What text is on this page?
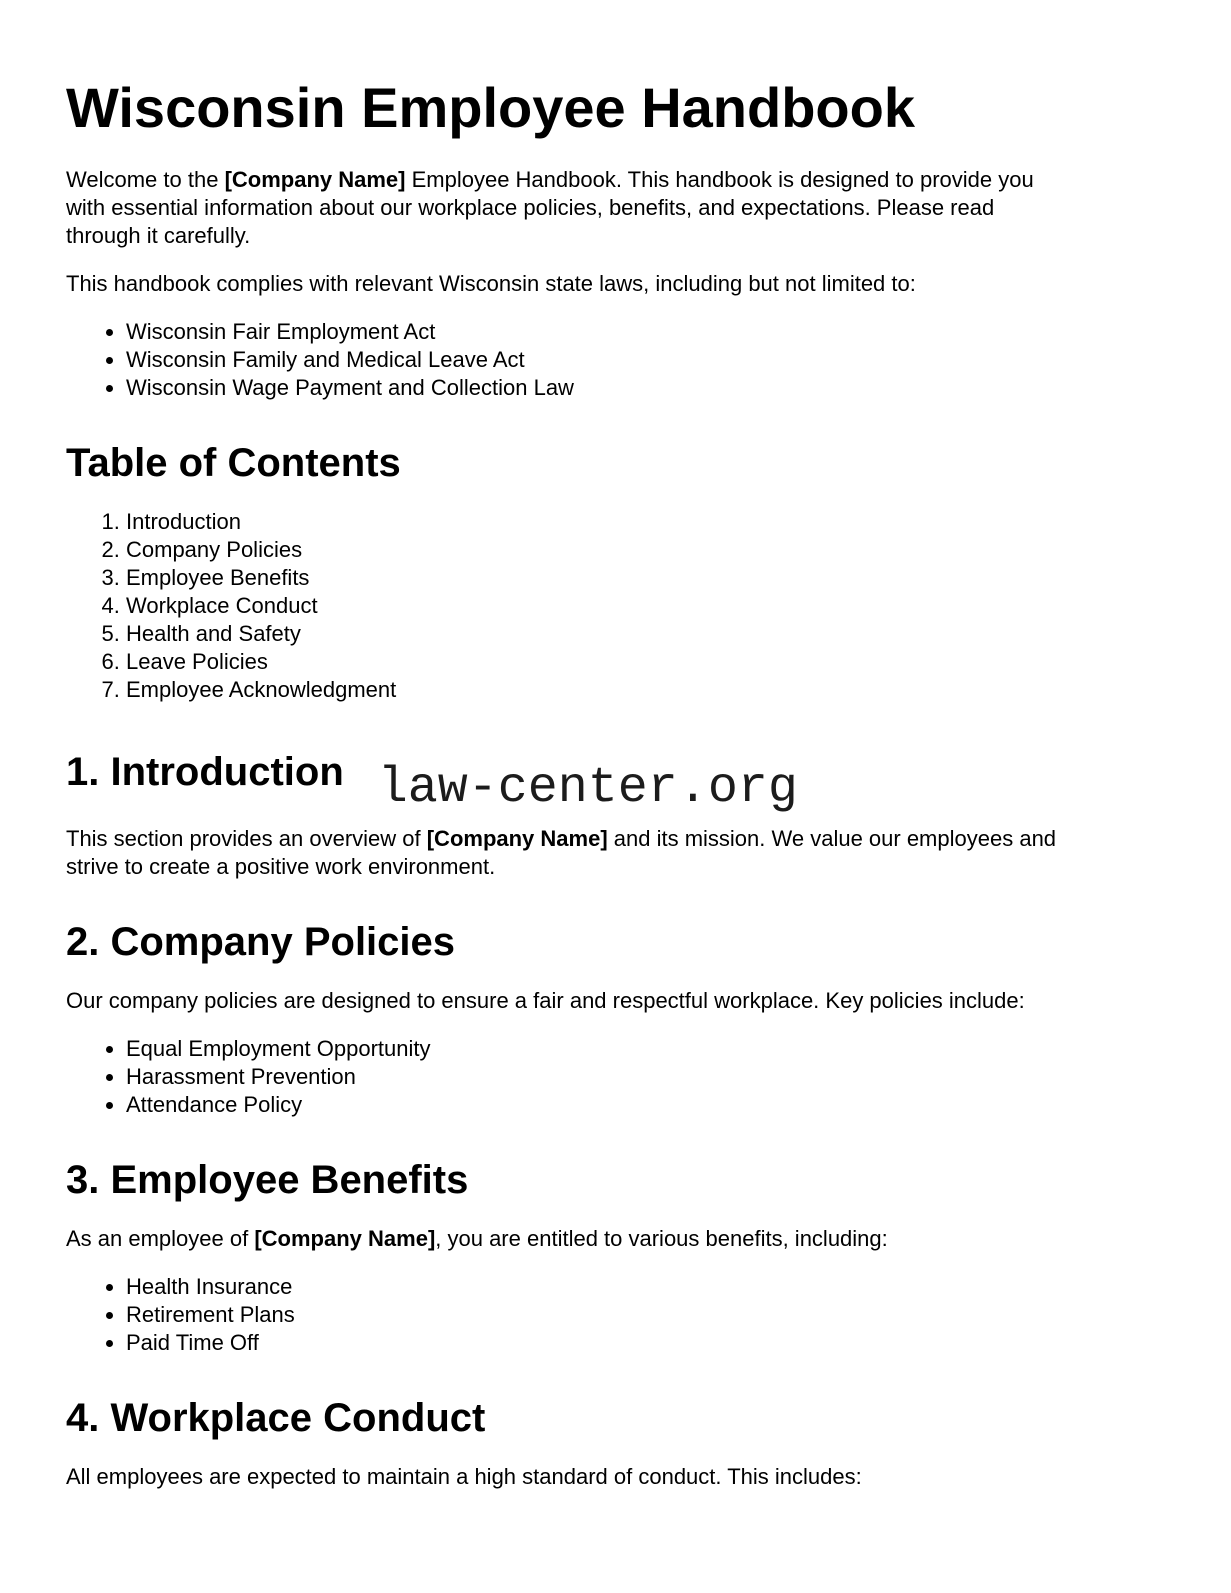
Wisconsin Employee Handbook

Welcome to the [Company Name] Employee Handbook. This handbook is designed to provide you with essential information about our workplace policies, benefits, and expectations. Please read through it carefully.

This handbook complies with relevant Wisconsin state laws, including but not limited to:

• Wisconsin Fair Employment Act
• Wisconsin Family and Medical Leave Act
• Wisconsin Wage Payment and Collection Law
Table of Contents
1. Introduction
2. Company Policies
3. Employee Benefits
4. Workplace Conduct
5. Health and Safety
6. Leave Policies
7. Employee Acknowledgment
1. Introduction law-center.org

This section provides an overview of [Company Name] and its mission. We value our employees and strive to create a positive work environment.

2. Company Policies

Our company policies are designed to ensure a fair and respectful workplace. Key policies include:

• Equal Employment Opportunity
• Harassment Prevention
• Attendance Policy
3. Employee Benefits

As an employee of [Company Name], you are entitled to various benefits, including:

• Health Insurance
• Retirement Plans
• Paid Time Off
4. Workplace Conduct

All employees are expected to maintain a high standard of conduct. This includes:
